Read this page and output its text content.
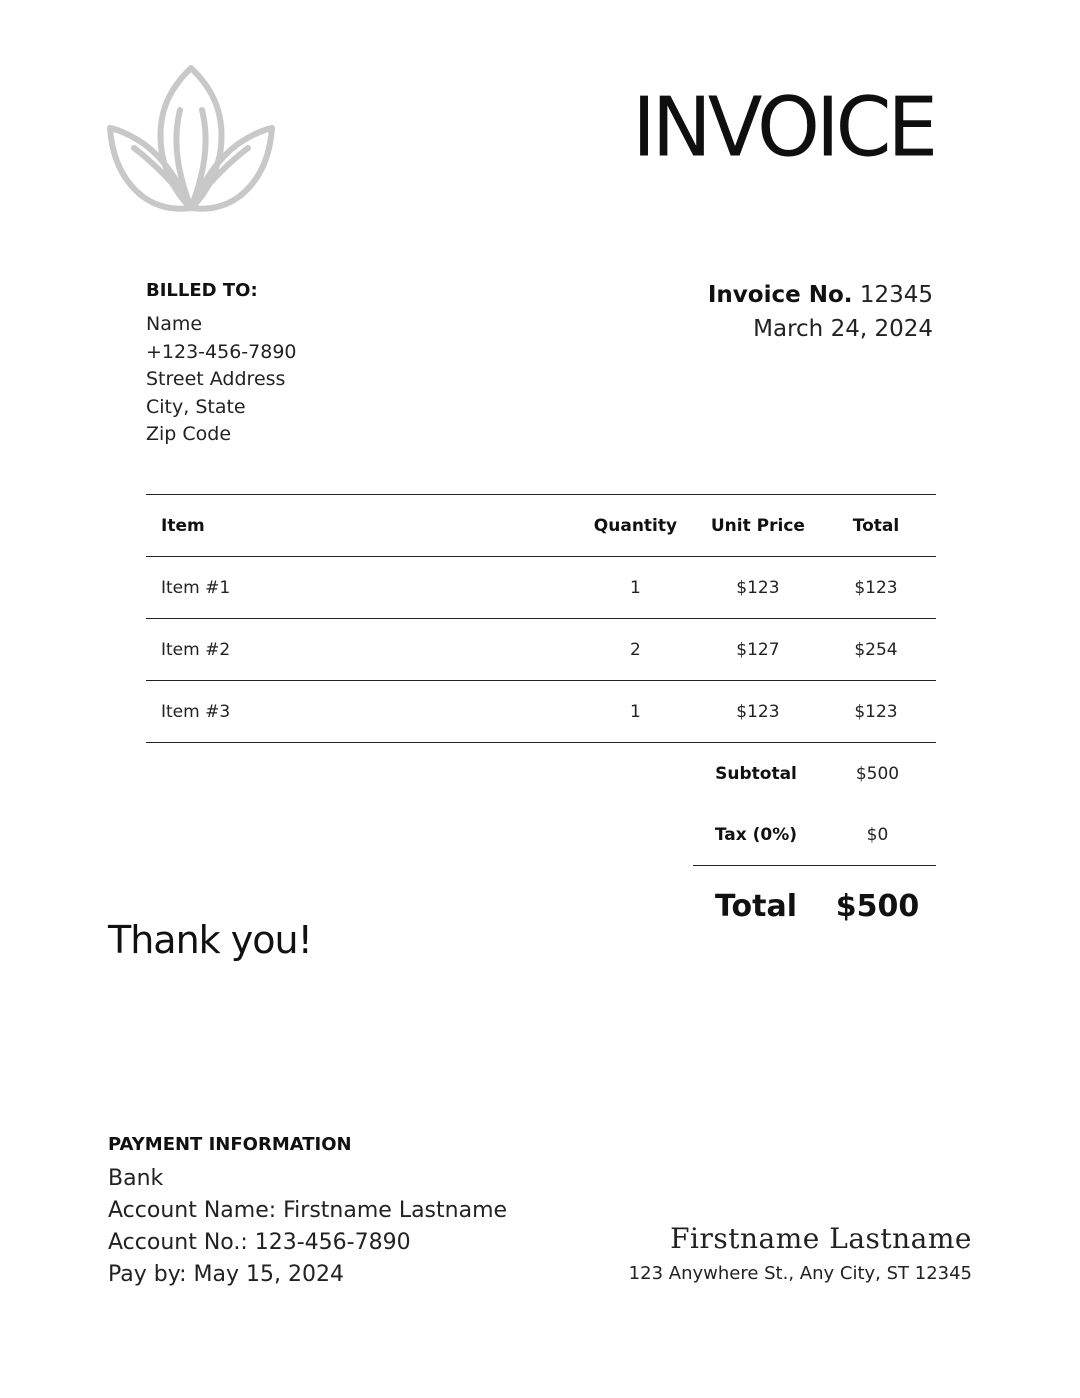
INVOICE
BILLED TO:
Name
+123-456-7890
Street Address
City, State
Zip Code
Invoice No. 12345
March 24, 2024
Item	Quantity	Unit Price	Total
Item #1	1	$123	$123
Item #2	2	$127	$254
Item #3	1	$123	$123
Subtotal	$500
Tax (0%)	$0
Total	$500
Thank you!
PAYMENT INFORMATION
Bank
Account Name: Firstname Lastname
Account No.: 123-456-7890
Pay by: May 15, 2024
Firstname Lastname
123 Anywhere St., Any City, ST 12345
